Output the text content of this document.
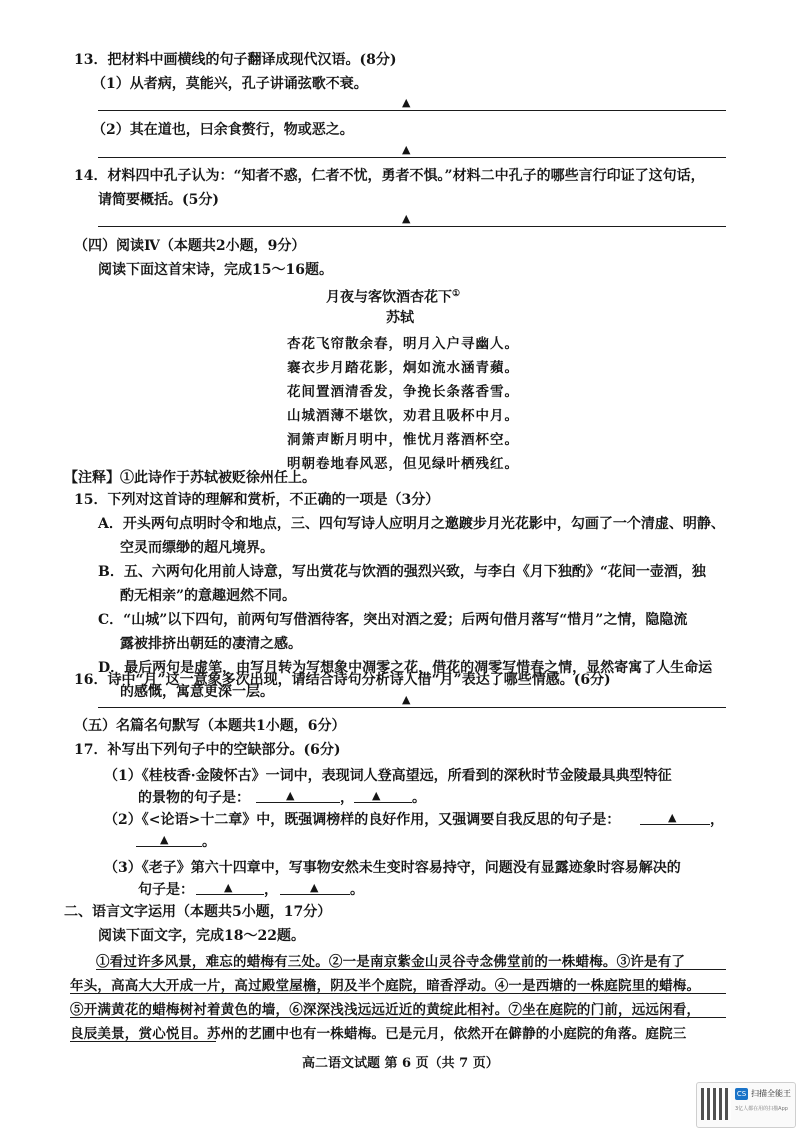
13．把材料中画横线的句子翻译成现代汉语。(8分)
（1）从者病，莫能兴，孔子讲诵弦歌不衰。
▲
（2）其在道也，曰余食赘行，物或恶之。
▲
14．材料四中孔子认为：“知者不惑，仁者不忧，勇者不惧。”材料二中孔子的哪些言行印证了这句话，
请简要概括。(5分)
▲
（四）阅读Ⅳ（本题共2小题，9分）
阅读下面这首宋诗，完成15～16题。
月夜与客饮酒杏花下①
苏轼
杏花飞帘散余春，明月入户寻幽人。
褰衣步月踏花影，炯如流水涵青蘋。
花间置酒清香发，争挽长条落香雪。
山城酒薄不堪饮，劝君且吸杯中月。
洞箫声断月明中，惟忧月落酒杯空。
明朝卷地春风恶，但见绿叶栖残红。
【注释】①此诗作于苏轼被贬徐州任上。
15．下列对这首诗的理解和赏析，不正确的一项是（3分）
A．开头两句点明时令和地点，三、四句写诗人应明月之邀踱步月光花影中，勾画了一个清虚、明静、
空灵而缥缈的超凡境界。
B．五、六两句化用前人诗意，写出赏花与饮酒的强烈兴致，与李白《月下独酌》“花间一壶酒，独
酌无相亲”的意趣迥然不同。
C．“山城”以下四句，前两句写借酒待客，突出对酒之爱；后两句借月落写“惜月”之情，隐隐流
露被排挤出朝廷的凄清之感。
D．最后两句是虚笔，由写月转为写想象中凋零之花，借花的凋零写惜春之情，显然寄寓了人生命运
的感慨，寓意更深一层。
16．诗中“月”这一意象多次出现，请结合诗句分析诗人借“月”表达了哪些情感。(6分)
▲
（五）名篇名句默写（本题共1小题，6分）
17．补写出下列句子中的空缺部分。(6分)
（1）《桂枝香·金陵怀古》一词中，表现词人登高望远，所看到的深秋时节金陵最具典型特征
的景物的句子是：	▲	， ▲ 。
（2）《<论语>十二章》中，既强调榜样的良好作用，又强调要自我反思的句子是：	▲ ，
▲ 。
（3）《老子》第六十四章中，写事物安然未生变时容易持守，问题没有显露迹象时容易解决的
句子是：	▲ ，	▲ 。
二、语言文字运用（本题共5小题，17分）
阅读下面文字，完成18～22题。
①看过许多风景，难忘的蜡梅有三处。②一是南京紫金山灵谷寺念佛堂前的一株蜡梅。③许是有了
年头，高高大大开成一片，高过殿堂屋檐，阴及半个庭院，暗香浮动。④一是西塘的一株庭院里的蜡梅。
⑤开满黄花的蜡梅树衬着黄色的墙，⑥深深浅浅远远近近的黄绽此相衬。⑦坐在庭院的门前，远远闲看，
良辰美景，赏心悦目。苏州的艺圃中也有一株蜡梅。已是元月，依然开在僻静的小庭院的角落。庭院三
高二语文试题 第 6 页（共 7 页）
CS 扫描全能王
3亿人都在用的扫描App
